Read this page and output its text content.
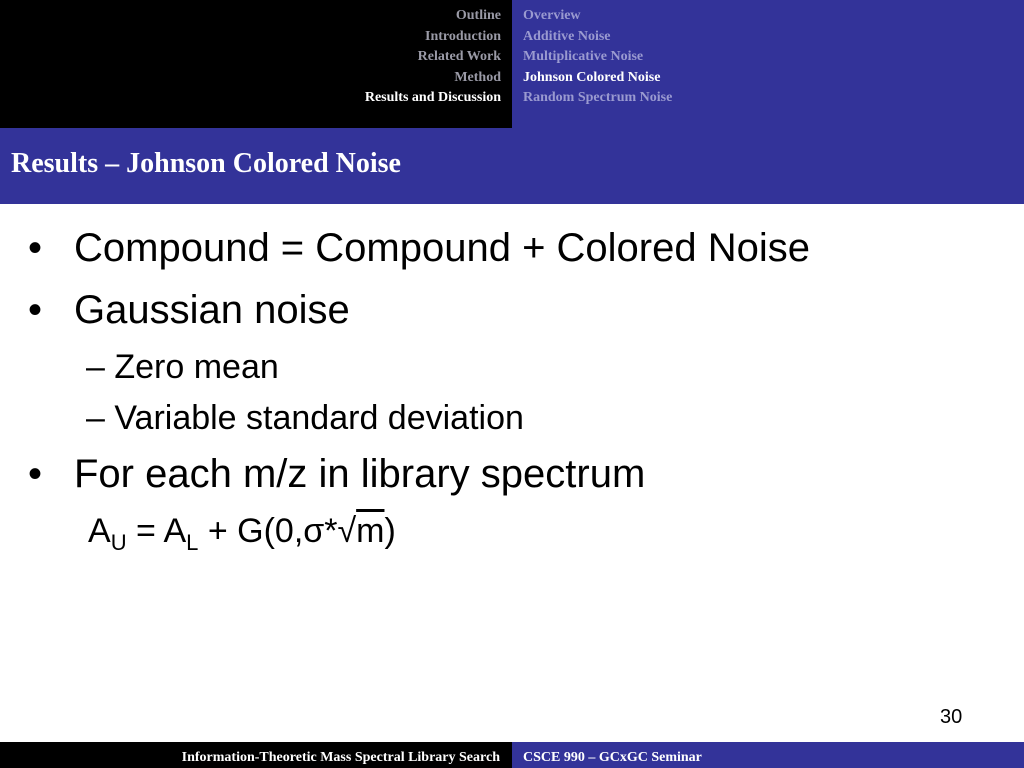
Outline
Introduction
Related Work
Method
Results and Discussion
Overview
Additive Noise
Multiplicative Noise
Johnson Colored Noise
Random Spectrum Noise
Results – Johnson Colored Noise
• Compound = Compound + Colored Noise
• Gaussian noise
– Zero mean
– Variable standard deviation
• For each m/z in library spectrum
$A_U = A_L + G(0,\sigma*√m)$
30
Information-Theoretic Mass Spectral Library Search CSCE 990 – GCxGC Seminar
